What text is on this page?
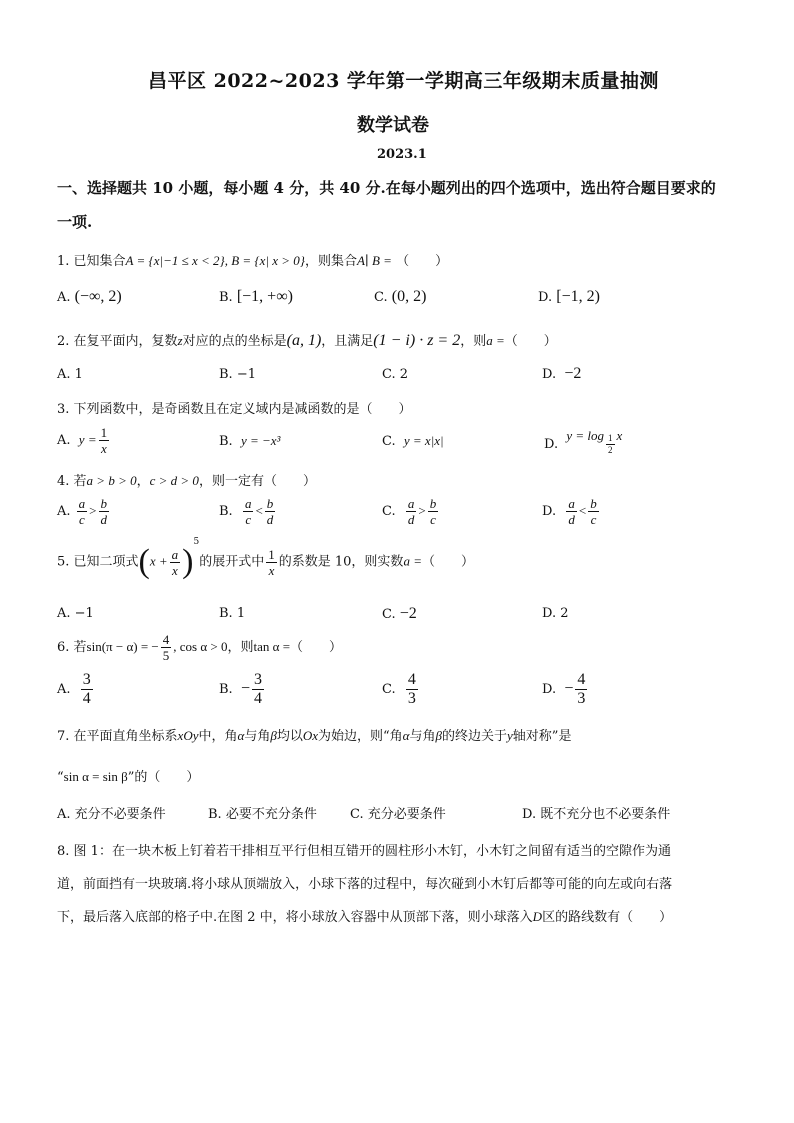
昌平区 2022~2023 学年第一学期高三年级期末质量抽测
数学试卷
2023.1
一、选择题共 10 小题，每小题 4 分，共 40 分.在每小题列出的四个选项中，选出符合题目要求的
一项.
1. 已知集合A = {x|−1 ≤ x < 2}, B = {x| x > 0}，则集合A∣ B = （　　）
A. (−∞, 2)	B. [−1, +∞)	C. (0, 2)	D. [−1, 2)
2. 在复平面内，复数z对应的点的坐标是(a, 1)，且满足(1 − i) · z = 2，则a =（　　）
A. 1	B. −1	C. 2	D. −2
3. 下列函数中，是奇函数且在定义域内是减函数的是（　　）
A. $y = \frac{1}{x}$	B. y = −x³	C. y = x|x|	D.  $y = \log \frac{1}{2}$ x
4. 若a > b > 0，c > d > 0，则一定有（　　）
A. $\frac{a}{c} > \frac{b}{d}$	B. $\frac{a}{c} < \frac{b}{d}$	C. $\frac{a}{d} > \frac{b}{c}$	D. $\frac{a}{d} < \frac{b}{c}$
5. 已知二项式$(x + \frac{a}{x} )^5$的展开式中 $\frac{1}{x}$ 的系数是 10，则实数a =（　　）
A. −1	B. 1	C. −2	D. 2
6. 若sin(π − α) = − $\frac{4}{5}$ , cos α > 0，则tan α =（　　）
A. $\frac{3}{4}$	B. − $\frac{3}{4}$	C. $\frac{4}{3}$	D. − $\frac{4}{3}$
7. 在平面直角坐标系xOy中，角α与角β均以Ox为始边，则“角α与角β的终边关于y轴对称”是
“sin α = sin β”的（　　）
A. 充分不必要条件	B. 必要不充分条件	C. 充分必要条件	D. 既不充分也不必要条件
8. 图 1：在一块木板上钉着若干排相互平行但相互错开的圆柱形小木钉，小木钉之间留有适当的空隙作为通
道，前面挡有一块玻璃.将小球从顶端放入，小球下落的过程中，每次碰到小木钉后都等可能的向左或向右落
下，最后落入底部的格子中.在图 2 中，将小球放入容器中从顶部下落，则小球落入D区的路线数有（　　）
